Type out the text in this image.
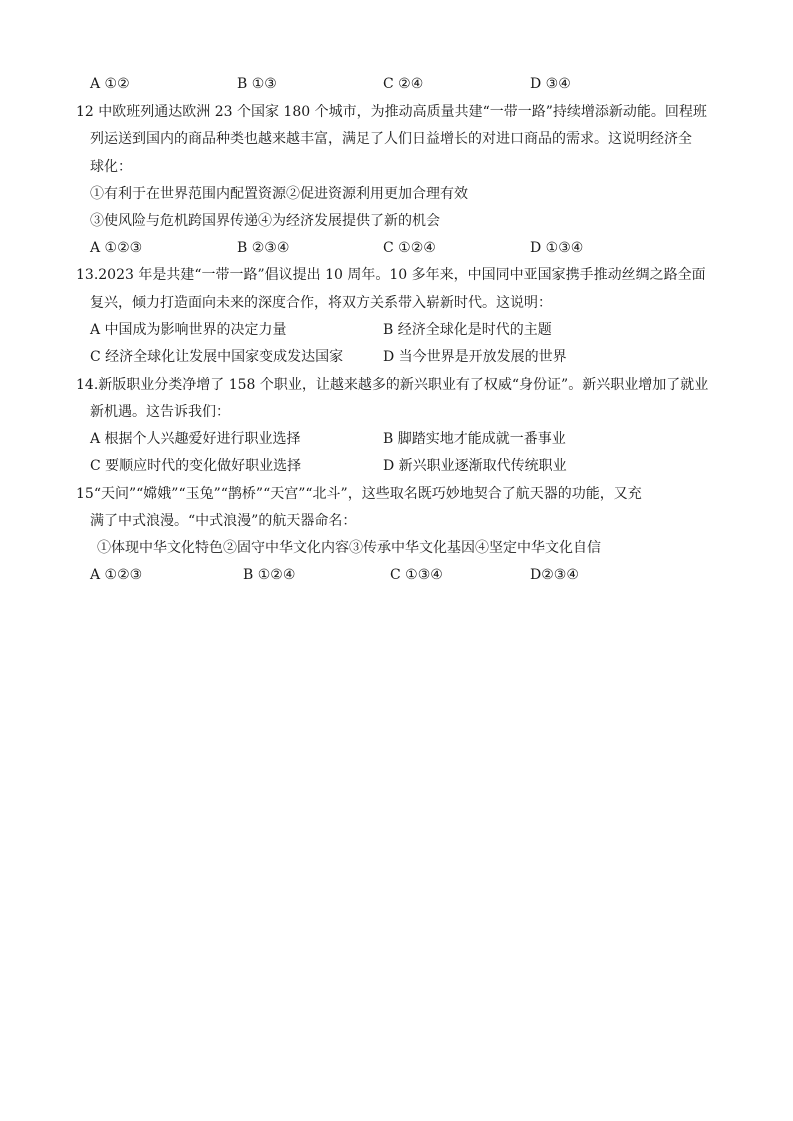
A ①②	B ①③	C ②④	D ③④
12 中欧班列通达欧洲 23 个国家 180 个城市，为推动高质量共建“一带一路”持续增添新动能。回程班
列运送到国内的商品种类也越来越丰富，满足了人们日益增长的对进口商品的需求。这说明经济全
球化：
①有利于在世界范围内配置资源②促进资源利用更加合理有效
③使风险与危机跨国界传递④为经济发展提供了新的机会
A ①②③	B ②③④	C ①②④	D ①③④
13.2023 年是共建“一带一路”倡议提出 10 周年。10 多年来，中国同中亚国家携手推动丝绸之路全面
复兴，倾力打造面向未来的深度合作，将双方关系带入崭新时代。这说明：
A 中国成为影响世界的决定力量	B 经济全球化是时代的主题
C 经济全球化让发展中国家变成发达国家	D 当今世界是开放发展的世界
14.新版职业分类净增了 158 个职业，让越来越多的新兴职业有了权威“身份证”。新兴职业增加了就业
新机遇。这告诉我们：
A 根据个人兴趣爱好进行职业选择	B 脚踏实地才能成就一番事业
C 要顺应时代的变化做好职业选择	D 新兴职业逐渐取代传统职业
15“天问”“嫦娥”“玉兔”“鹊桥”“天宫”“北斗”，这些取名既巧妙地契合了航天器的功能，又充
满了中式浪漫。“中式浪漫”的航天器命名：
①体现中华文化特色②固守中华文化内容③传承中华文化基因④坚定中华文化自信
A ①②③	B ①②④	C ①③④	D②③④
